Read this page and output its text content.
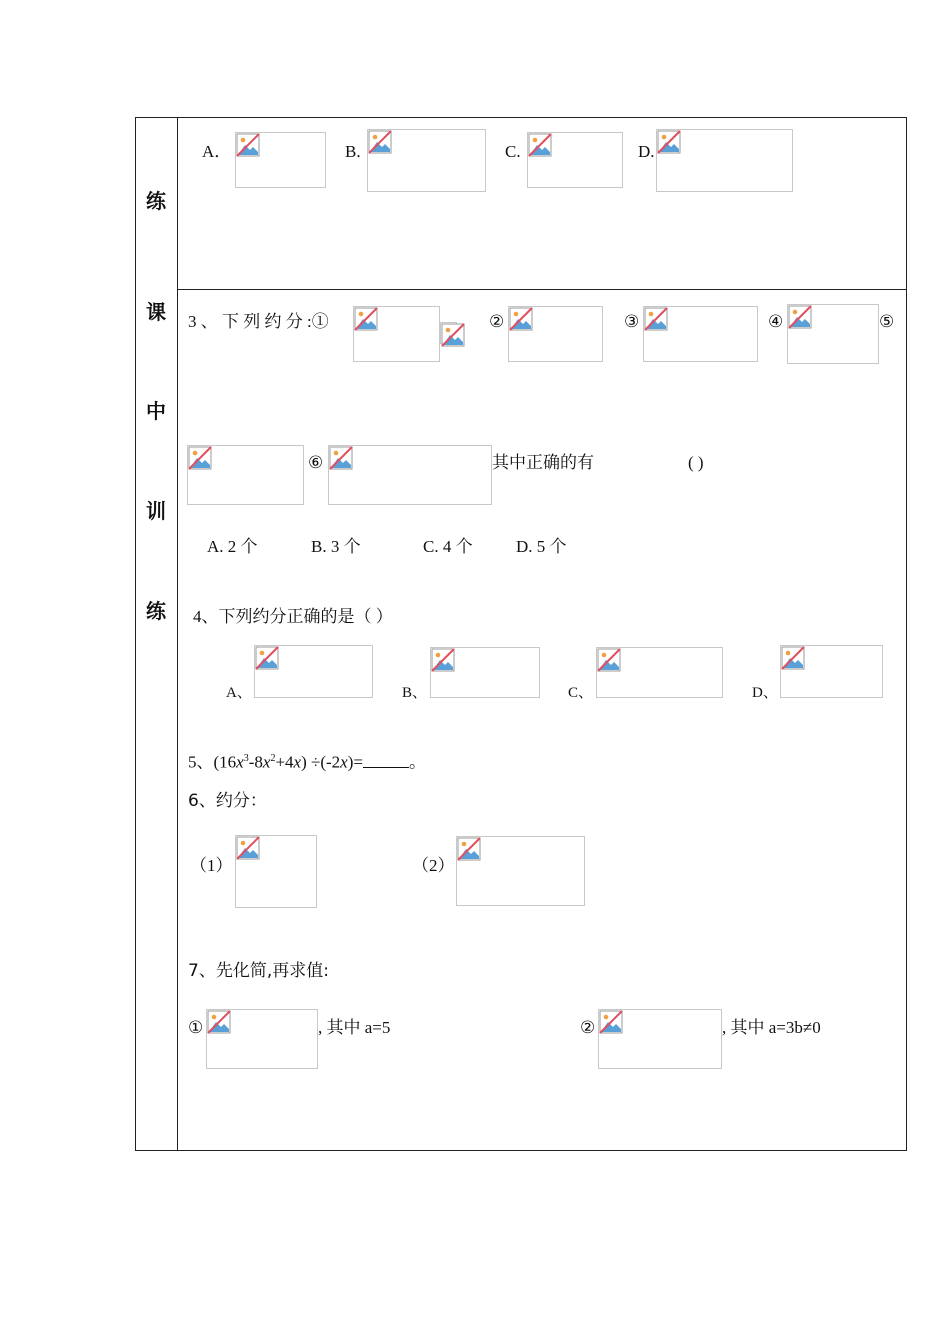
练
课
中
训
练
A．	B.	C.	D.
3 、 下 列 约 分 :①	②	③	④	⑤
⑥	其中正确的有	( )
A. 2 个	B. 3 个	C. 4 个	D. 5 个
4、下列约分正确的是（ ）
A、	B、	C、	D、
5、$(16x^3-8x^2+4x) \div(-2x)=$	。
6、约分：
（1）	（2）
7、先化简,再求值:
①	, 其中 a=5	②	, 其中 a=3b≠0
